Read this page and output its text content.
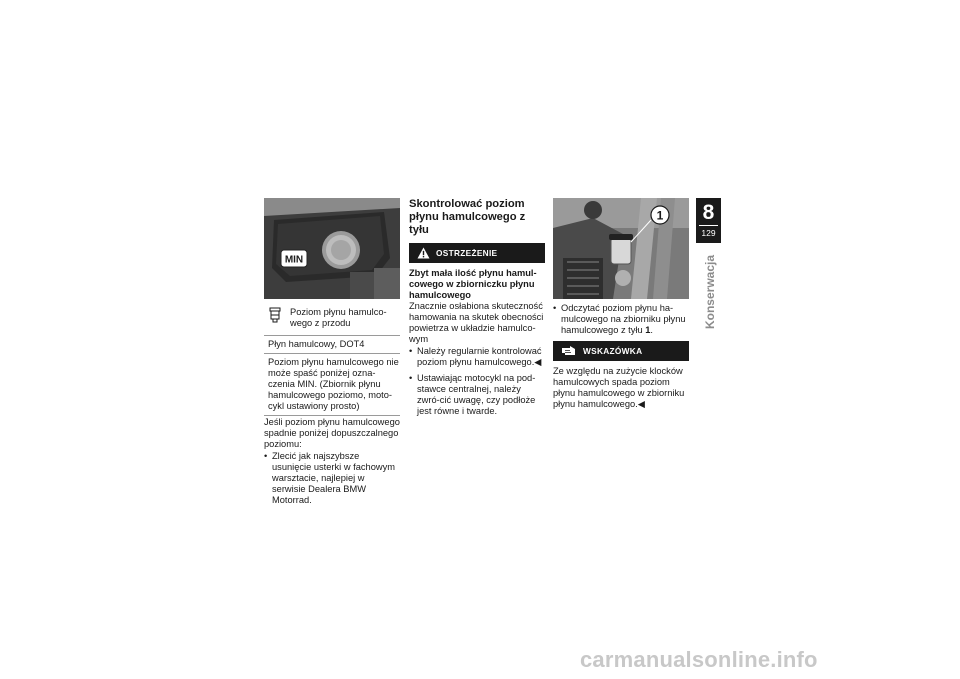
MIN
Poziom płynu hamulco-wego z przodu
Płyn hamulcowy, DOT4
Poziom płynu hamulcowego nie może spaść poniżej ozna-czenia MIN. (Zbiornik płynu hamulcowego poziomo, moto-cykl ustawiony prosto)

Jeśli poziom płynu hamulcowego spadnie poniżej dopuszczalnego poziomu:

• Zlecić jak najszybsze usunięcie usterki w fachowym warsztacie, najlepiej w serwisie Dealera BMW Motorrad.
Skontrolować poziom płynu hamulcowego z tyłu
OSTRZEŻENIE

Zbyt mała ilość płynu hamul-cowego w zbiorniczku płynu hamulcowego

Znacznie osłabiona skuteczność hamowania na skutek obecności powietrza w układzie hamulco-wym

• Należy regularnie kontrolować poziom płynu hamulcowego.◀
• Ustawiając motocykl na pod-stawce centralnej, należy zwró-cić uwagę, czy podłoże jest równe i twarde.
1
• Odczytać poziom płynu ha-mulcowego na zbiorniku płynu hamulcowego z tyłu 1.
WSKAZÓWKA

Ze względu na zużycie klocków hamulcowych spada poziom płynu hamulcowego w zbiorniku płynu hamulcowego.◀

8
129
Konserwacja
carmanualsonline.info
